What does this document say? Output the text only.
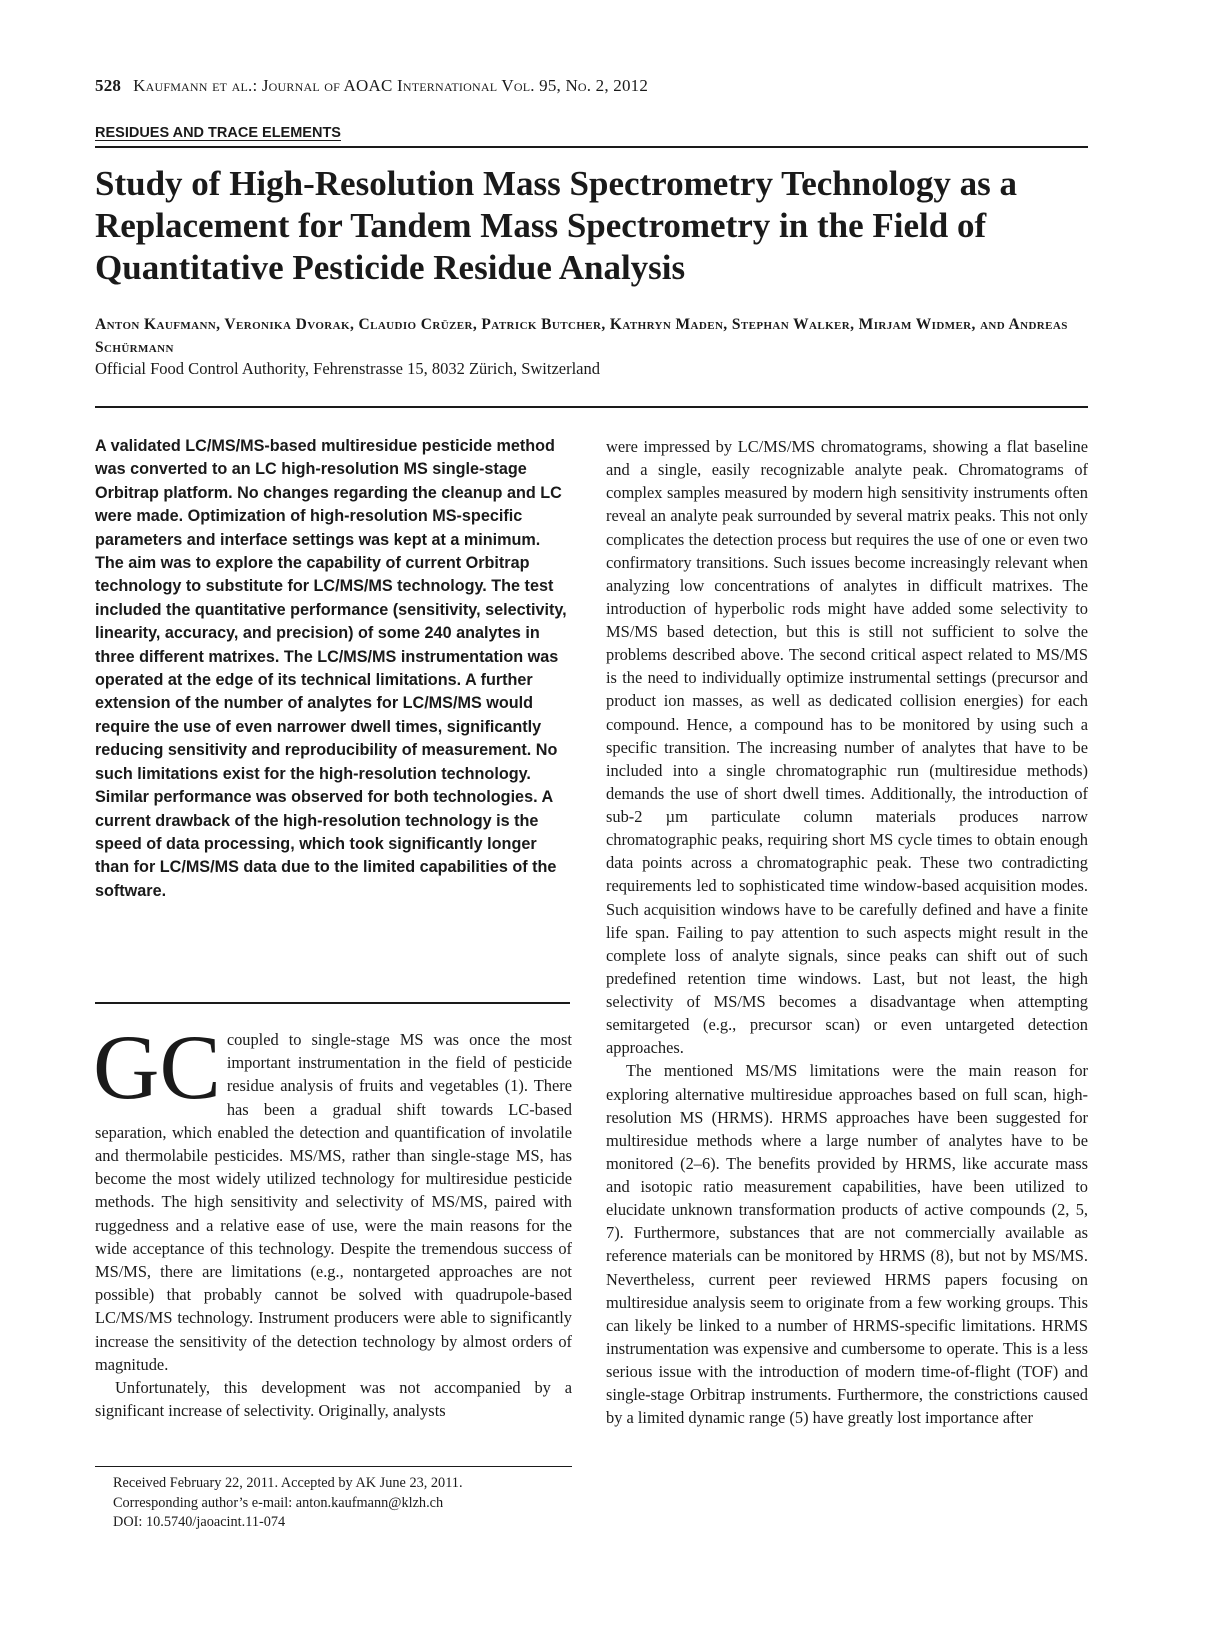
528 Kaufmann et al.: Journal of AOAC International Vol. 95, No. 2, 2012
RESIDUES AND TRACE ELEMENTS
Study of High-Resolution Mass Spectrometry Technology as a Replacement for Tandem Mass Spectrometry in the Field of Quantitative Pesticide Residue Analysis
Anton Kaufmann, Veronika Dvorak, Claudio Crüzer, Patrick Butcher, Kathryn Maden, Stephan Walker, Mirjam Widmer, and Andreas Schürmann
Official Food Control Authority, Fehrenstrasse 15, 8032 Zürich, Switzerland

A validated LC/MS/MS-based multiresidue pesticide method was converted to an LC high-resolution MS single-stage Orbitrap platform. No changes regarding the cleanup and LC were made. Optimization of high-resolution MS-specific parameters and interface settings was kept at a minimum. The aim was to explore the capability of current Orbitrap technology to substitute for LC/MS/MS technology. The test included the quantitative performance (sensitivity, selectivity, linearity, accuracy, and precision) of some 240 analytes in three different matrixes. The LC/MS/MS instrumentation was operated at the edge of its technical limitations. A further extension of the number of analytes for LC/MS/MS would require the use of even narrower dwell times, significantly reducing sensitivity and reproducibility of measurement. No such limitations exist for the high-resolution technology. Similar performance was observed for both technologies. A current drawback of the high-resolution technology is the speed of data processing, which took significantly longer than for LC/MS/MS data due to the limited capabilities of the software.

GC coupled to single-stage MS was once the most important instrumentation in the field of pesticide residue analysis of fruits and vegetables (1). There has been a gradual shift towards LC-based separation, which enabled the detection and quantification of involatile and thermolabile pesticides. MS/MS, rather than single-stage MS, has become the most widely utilized technology for multiresidue pesticide methods. The high sensitivity and selectivity of MS/MS, paired with ruggedness and a relative ease of use, were the main reasons for the wide acceptance of this technology. Despite the tremendous success of MS/MS, there are limitations (e.g., nontargeted approaches are not possible) that probably cannot be solved with quadrupole-based LC/MS/MS technology. Instrument producers were able to significantly increase the sensitivity of the detection technology by almost orders of magnitude.

Unfortunately, this development was not accompanied by a significant increase of selectivity. Originally, analysts

Received February 22, 2011. Accepted by AK June 23, 2011.
Corresponding author’s e-mail: anton.kaufmann@klzh.ch
DOI: 10.5740/jaoacint.11-074

were impressed by LC/MS/MS chromatograms, showing a flat baseline and a single, easily recognizable analyte peak. Chromatograms of complex samples measured by modern high sensitivity instruments often reveal an analyte peak surrounded by several matrix peaks. This not only complicates the detection process but requires the use of one or even two confirmatory transitions. Such issues become increasingly relevant when analyzing low concentrations of analytes in difficult matrixes. The introduction of hyperbolic rods might have added some selectivity to MS/MS based detection, but this is still not sufficient to solve the problems described above. The second critical aspect related to MS/MS is the need to individually optimize instrumental settings (precursor and product ion masses, as well as dedicated collision energies) for each compound. Hence, a compound has to be monitored by using such a specific transition. The increasing number of analytes that have to be included into a single chromatographic run (multiresidue methods) demands the use of short dwell times. Additionally, the introduction of sub-2 µm particulate column materials produces narrow chromatographic peaks, requiring short MS cycle times to obtain enough data points across a chromatographic peak. These two contradicting requirements led to sophisticated time window-based acquisition modes. Such acquisition windows have to be carefully defined and have a finite life span. Failing to pay attention to such aspects might result in the complete loss of analyte signals, since peaks can shift out of such predefined retention time windows. Last, but not least, the high selectivity of MS/MS becomes a disadvantage when attempting semitargeted (e.g., precursor scan) or even untargeted detection approaches.

The mentioned MS/MS limitations were the main reason for exploring alternative multiresidue approaches based on full scan, high-resolution MS (HRMS). HRMS approaches have been suggested for multiresidue methods where a large number of analytes have to be monitored (2–6). The benefits provided by HRMS, like accurate mass and isotopic ratio measurement capabilities, have been utilized to elucidate unknown transformation products of active compounds (2, 5, 7). Furthermore, substances that are not commercially available as reference materials can be monitored by HRMS (8), but not by MS/MS. Nevertheless, current peer reviewed HRMS papers focusing on multiresidue analysis seem to originate from a few working groups. This can likely be linked to a number of HRMS-specific limitations. HRMS instrumentation was expensive and cumbersome to operate. This is a less serious issue with the introduction of modern time-of-flight (TOF) and single-stage Orbitrap instruments. Furthermore, the constrictions caused by a limited dynamic range (5) have greatly lost importance after
